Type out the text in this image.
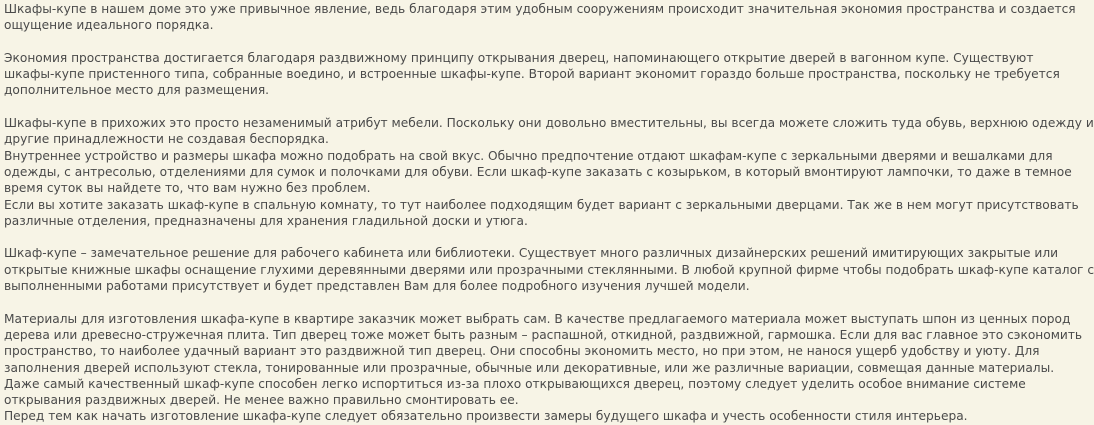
Шкафы-купе в нашем доме это уже привычное явление, ведь благодаря этим удобным сооружениям происходит значительная экономия пространства и создается
ощущение идеального порядка.
Экономия пространства достигается благодаря раздвижному принципу открывания дверец, напоминающего открытие дверей в вагонном купе. Существуют
шкафы-купе пристенного типа, собранные воедино, и встроенные шкафы-купе. Второй вариант экономит гораздо больше пространства, поскольку не требуется
дополнительное место для размещения.
Шкафы-купе в прихожих это просто незаменимый атрибут мебели. Поскольку они довольно вместительны, вы всегда можете сложить туда обувь, верхнюю одежду и
другие принадлежности не создавая беспорядка.
Внутреннее устройство и размеры шкафа можно подобрать на свой вкус. Обычно предпочтение отдают шкафам-купе с зеркальными дверями и вешалками для
одежды, с антресолью, отделениями для сумок и полочками для обуви. Если шкаф-купе заказать с козырьком, в который вмонтируют лампочки, то даже в темное
время суток вы найдете то, что вам нужно без проблем.
Если вы хотите заказать шкаф-купе в спальную комнату, то тут наиболее подходящим будет вариант с зеркальными дверцами. Так же в нем могут присутствовать
различные отделения, предназначены для хранения гладильной доски и утюга.
Шкаф-купе – замечательное решение для рабочего кабинета или библиотеки. Существует много различных дизайнерских решений имитирующих закрытые или
открытые книжные шкафы оснащение глухими деревянными дверями или прозрачными стеклянными. В любой крупной фирме чтобы подобрать шкаф-купе каталог с
выполненными работами присутствует и будет представлен Вам для более подробного изучения лучшей модели.
Материалы для изготовления шкафа-купе в квартире заказчик может выбрать сам. В качестве предлагаемого материала может выступать шпон из ценных пород
дерева или древесно-стружечная плита. Тип дверец тоже может быть разным – распашной, откидной, раздвижной, гармошка. Если для вас главное это сэкономить
пространство, то наиболее удачный вариант это раздвижной тип дверец. Они способны экономить место, но при этом, не нанося ущерб удобству и уюту. Для
заполнения дверей используют стекла, тонированные или прозрачные, обычные или декоративные, или же различные вариации, совмещая данные материалы.
Даже самый качественный шкаф-купе способен легко испортиться из-за плохо открывающихся дверец, поэтому следует уделить особое внимание системе
открывания раздвижных дверей. Не менее важно правильно смонтировать ее.
Перед тем как начать изготовление шкафа-купе следует обязательно произвести замеры будущего шкафа и учесть особенности стиля интерьера.
